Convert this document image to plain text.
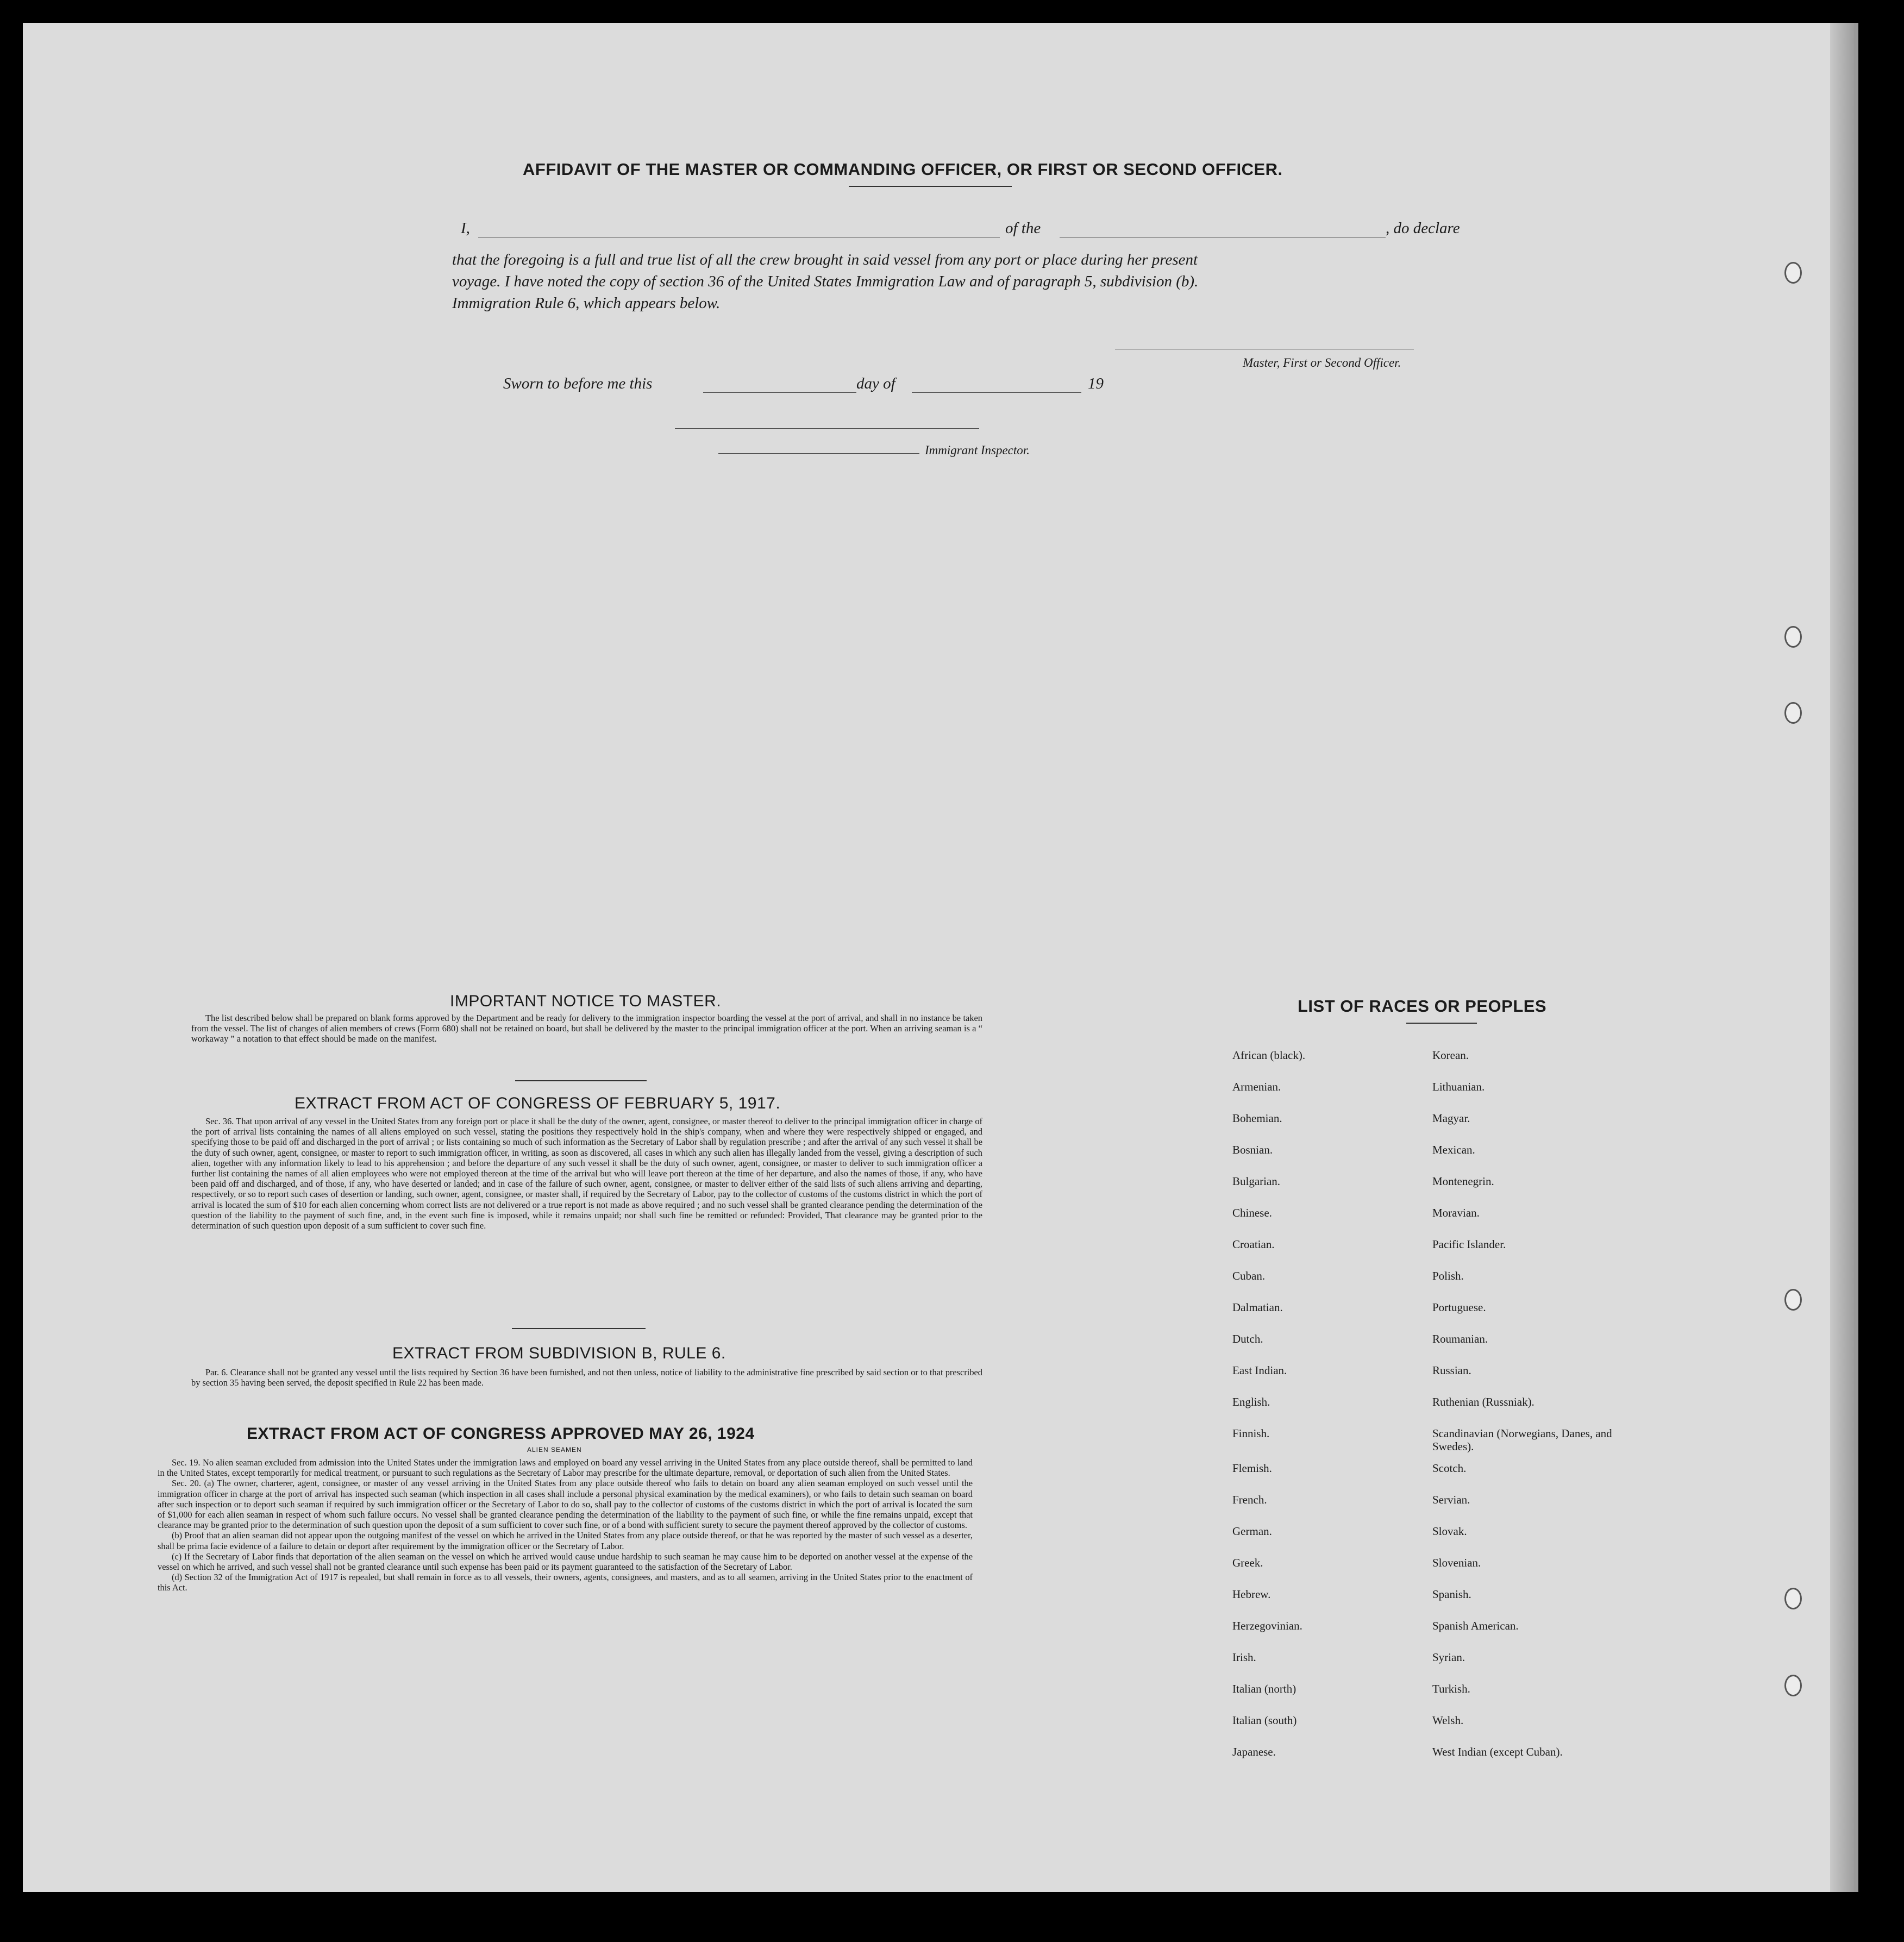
AFFIDAVIT OF THE MASTER OR COMMANDING OFFICER, OR FIRST OR SECOND OFFICER.
I,	of the	, do declare
that the foregoing is a full and true list of all the crew brought in said vessel from any port or place during her present
voyage. I have noted the copy of section 36 of the United States Immigration Law and of paragraph 5, subdivision (b).
Immigration Rule 6, which appears below.
Master, First or Second Officer.
Sworn to before me this	day of	19
Immigrant Inspector.
IMPORTANT NOTICE TO MASTER.

The list described below shall be prepared on blank forms approved by the Department and be ready for delivery to the immigration inspector boarding the vessel at the port of arrival, and shall in no instance be taken from the vessel. The list of changes of alien members of crews (Form 680) shall not be retained on board, but shall be delivered by the master to the principal immigration officer at the port. When an arriving seaman is a “ workaway ” a notation to that effect should be made on the manifest.

EXTRACT FROM ACT OF CONGRESS OF FEBRUARY 5, 1917.

Sec. 36. That upon arrival of any vessel in the United States from any foreign port or place it shall be the duty of the owner, agent, consignee, or master thereof to deliver to the principal immigration officer in charge of the port of arrival lists containing the names of all aliens employed on such vessel, stating the positions they respectively hold in the ship's company, when and where they were respectively shipped or engaged, and specifying those to be paid off and discharged in the port of arrival ; or lists containing so much of such information as the Secretary of Labor shall by regulation prescribe ; and after the arrival of any such vessel it shall be the duty of such owner, agent, consignee, or master to report to such immigration officer, in writing, as soon as discovered, all cases in which any such alien has illegally landed from the vessel, giving a description of such alien, together with any information likely to lead to his apprehension ; and before the departure of any such vessel it shall be the duty of such owner, agent, consignee, or master to deliver to such immigration officer a further list containing the names of all alien employees who were not employed thereon at the time of the arrival but who will leave port thereon at the time of her departure, and also the names of those, if any, who have been paid off and discharged, and of those, if any, who have deserted or landed; and in case of the failure of such owner, agent, consignee, or master to deliver either of the said lists of such aliens arriving and departing, respectively, or so to report such cases of desertion or landing, such owner, agent, consignee, or master shall, if required by the Secretary of Labor, pay to the collector of customs of the customs district in which the port of arrival is located the sum of $10 for each alien concerning whom correct lists are not delivered or a true report is not made as above required ; and no such vessel shall be granted clearance pending the determination of the question of the liability to the payment of such fine, and, in the event such fine is imposed, while it remains unpaid; nor shall such fine be remitted or refunded: Provided, That clearance may be granted prior to the determination of such question upon deposit of a sum sufficient to cover such fine.

EXTRACT FROM SUBDIVISION B, RULE 6.

Par. 6. Clearance shall not be granted any vessel until the lists required by Section 36 have been furnished, and not then unless, notice of liability to the administrative fine prescribed by said section or to that prescribed by section 35 having been served, the deposit specified in Rule 22 has been made.

EXTRACT FROM ACT OF CONGRESS APPROVED MAY 26, 1924
ALIEN SEAMEN

Sec. 19. No alien seaman excluded from admission into the United States under the immigration laws and employed on board any vessel arriving in the United States from any place outside thereof, shall be permitted to land in the United States, except temporarily for medical treatment, or pursuant to such regulations as the Secretary of Labor may prescribe for the ultimate departure, removal, or deportation of such alien from the United States.

Sec. 20. (a) The owner, charterer, agent, consignee, or master of any vessel arriving in the United States from any place outside thereof who fails to detain on board any alien seaman employed on such vessel until the immigration officer in charge at the port of arrival has inspected such seaman (which inspection in all cases shall include a personal physical examination by the medical examiners), or who fails to detain such seaman on board after such inspection or to deport such seaman if required by such immigration officer or the Secretary of Labor to do so, shall pay to the collector of customs of the customs district in which the port of arrival is located the sum of $1,000 for each alien seaman in respect of whom such failure occurs. No vessel shall be granted clearance pending the determination of the liability to the payment of such fine, or while the fine remains unpaid, except that clearance may be granted prior to the determination of such question upon the deposit of a sum sufficient to cover such fine, or of a bond with sufficient surety to secure the payment thereof approved by the collector of customs.

(b) Proof that an alien seaman did not appear upon the outgoing manifest of the vessel on which he arrived in the United States from any place outside thereof, or that he was reported by the master of such vessel as a deserter, shall be prima facie evidence of a failure to detain or deport after requirement by the immigration officer or the Secretary of Labor.

(c) If the Secretary of Labor finds that deportation of the alien seaman on the vessel on which he arrived would cause undue hardship to such seaman he may cause him to be deported on another vessel at the expense of the vessel on which he arrived, and such vessel shall not be granted clearance until such expense has been paid or its payment guaranteed to the satisfaction of the Secretary of Labor.

(d) Section 32 of the Immigration Act of 1917 is repealed, but shall remain in force as to all vessels, their owners, agents, consignees, and masters, and as to all seamen, arriving in the United States prior to the enactment of this Act.

LIST OF RACES OR PEOPLES
African (black).
Armenian.
Bohemian.
Bosnian.
Bulgarian.
Chinese.
Croatian.
Cuban.
Dalmatian.
Dutch.
East Indian.
English.
Finnish.
Flemish.
French.
German.
Greek.
Hebrew.
Herzegovinian.
Irish.
Italian (north)
Italian (south)
Japanese.
Korean.
Lithuanian.
Magyar.
Mexican.
Montenegrin.
Moravian.
Pacific Islander.
Polish.
Portuguese.
Roumanian.
Russian.
Ruthenian (Russniak).
Scandinavian (Norwegians, Danes, and Swedes).
Scotch.
Servian.
Slovak.
Slovenian.
Spanish.
Spanish American.
Syrian.
Turkish.
Welsh.
West Indian (except Cuban).
